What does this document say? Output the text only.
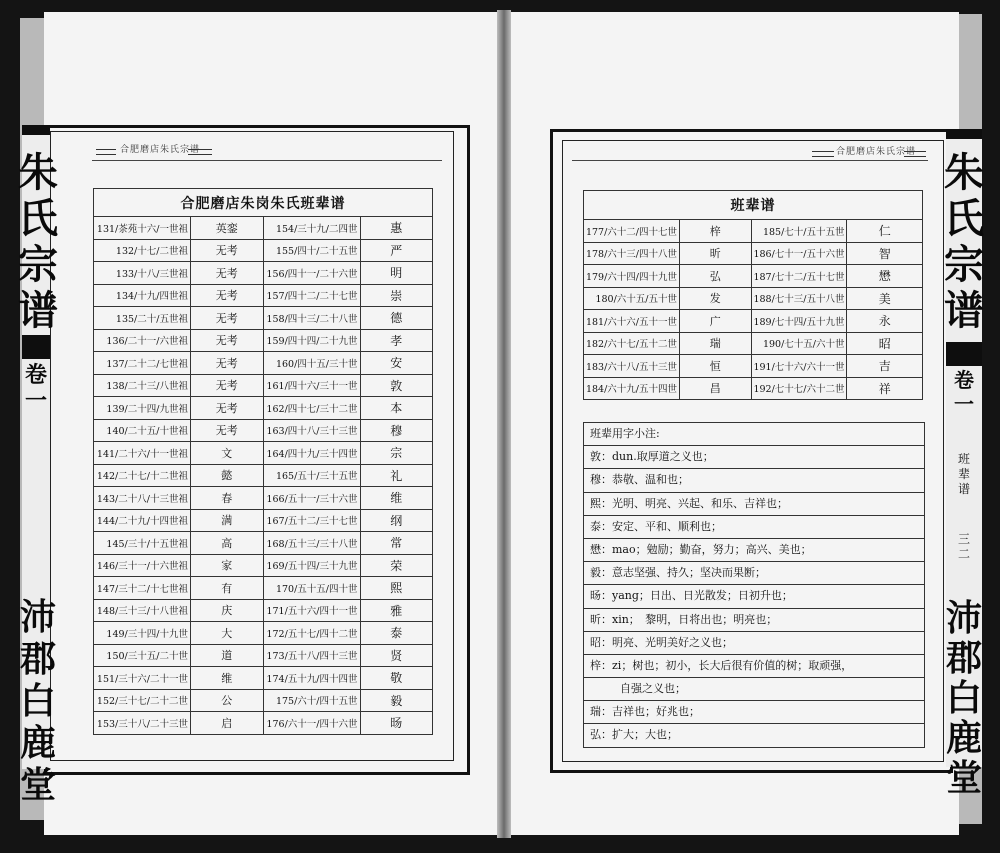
合肥磨店朱氏宗谱
合肥磨店朱岗朱氏班辈谱			
131/茶苑十六/一世祖	英銮	154/三十九/二四世	惠
132/十七/二世祖	无考	155/四十/二十五世	严
133/十八/三世祖	无考	156/四十一/二十六世	明
134/十九/四世祖	无考	157/四十二/二十七世	崇
135/二十/五世祖	无考	158/四十三/二十八世	德
136/二十一/六世祖	无考	159/四十四/二十九世	孝
137/二十二/七世祖	无考	160/四十五/三十世	安
138/二十三/八世祖	无考	161/四十六/三十一世	敦
139/二十四/九世祖	无考	162/四十七/三十二世	本
140/二十五/十世祖	无考	163/四十八/三十三世	穆
141/二十六/十一世祖	文	164/四十九/三十四世	宗
142/二十七/十二世祖	懿	165/五十/三十五世	礼
143/二十八/十三世祖	春	166/五十一/三十六世	维
144/二十九/十四世祖	满	167/五十二/三十七世	纲
145/三十/十五世祖	高	168/五十三/三十八世	常
146/三十一/十六世祖	家	169/五十四/三十九世	荣
147/三十二/十七世祖	有	170/五十五/四十世	熙
148/三十三/十八世祖	庆	171/五十六/四十一世	雅
149/三十四/十九世	大	172/五十七/四十二世	泰
150/三十五/二十世	道	173/五十八/四十三世	贤
151/三十六/二十一世	维	174/五十九/四十四世	敬
152/三十七/二十二世	公	175/六十/四十五世	毅
153/三十八/二十三世	启	176/六十一/四十六世	旸
朱
氏
宗
谱
卷
一
沛
郡
白
鹿
堂
合肥磨店朱氏宗谱
班辈谱			
177/六十二/四十七世	梓	185/七十/五十五世	仁
178/六十三/四十八世	昕	186/七十一/五十六世	智
179/六十四/四十九世	弘	187/七十二/五十七世	懋
180/六十五/五十世	发	188/七十三/五十八世	美
181/六十六/五十一世	广	189/七十四/五十九世	永
182/六十七/五十二世	瑞	190/七十五/六十世	昭
183/六十八/五十三世	恒	191/七十六/六十一世	吉
184/六十九/五十四世	昌	192/七十七/六十二世	祥
班辈用字小注:
敦：dun.取厚道之义也；
穆：恭敬、温和也；
熙：光明、明亮、兴起、和乐、吉祥也；
泰：安定、平和、顺利也；
懋：mao；勉励；勤奋，努力；高兴、美也；
毅：意志坚强、持久；坚决而果断；
旸：yang；日出、日光散发；日初升也；
昕：xin；　黎明，日将出也；明亮也；
昭：明亮、光明美好之义也；
梓：zi；树也；初小，长大后很有价值的树；取顽强，
自强之义也；
瑞：吉祥也；好兆也；
弘：扩大；大也；
朱
氏
宗
谱
卷
一
班
辈
谱
三
二
沛
郡
白
鹿
堂
